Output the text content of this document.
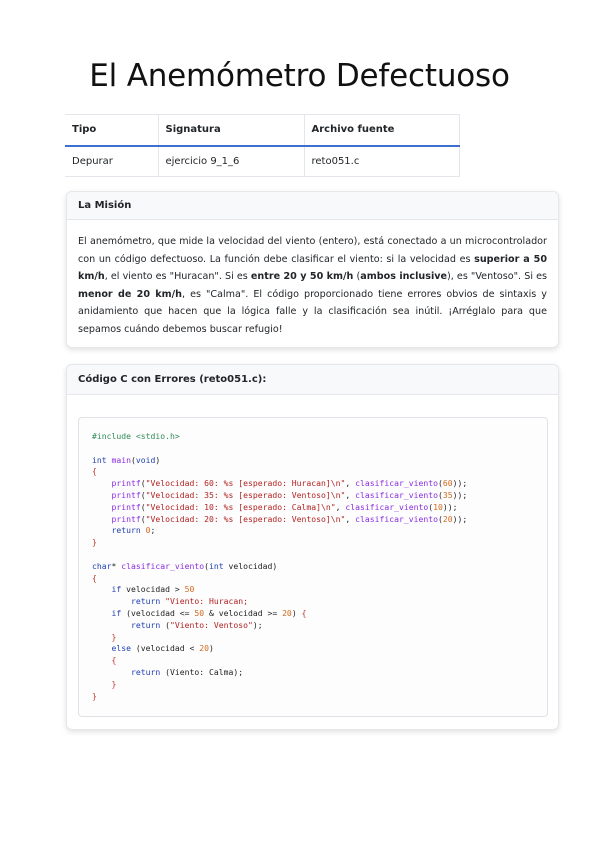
El Anemómetro Defectuoso
Tipo	Signatura	Archivo fuente
Depurar	ejercicio 9_1_6	reto051.c
La Misión

El anemómetro, que mide la velocidad del viento (entero), está conectado a un microcontrolador con un código defectuoso. La función debe clasificar el viento: si la velocidad es superior a 50 km/h, el viento es "Huracan". Si es entre 20 y 50 km/h (ambos inclusive), es "Ventoso". Si es menor de 20 km/h, es "Calma". El código proporcionado tiene errores obvios de sintaxis y anidamiento que hacen que la lógica falle y la clasificación sea inútil. ¡Arréglalo para que sepamos cuándo debemos buscar refugio!

Código C con Errores (reto051.c):
#include <stdio.h>

int main(void)
{
printf("Velocidad: 60: %s [esperado: Huracan]\n", clasificar_viento(60));
printf("Velocidad: 35: %s [esperado: Ventoso]\n", clasificar_viento(35));
printf("Velocidad: 10: %s [esperado: Calma]\n", clasificar_viento(10));
printf("Velocidad: 20: %s [esperado: Ventoso]\n", clasificar_viento(20));
return 0;
}

char* clasificar_viento(int velocidad)
{
if velocidad > 50
return "Viento: Huracan;
if (velocidad <= 50 & velocidad >= 20) {
return ("Viento: Ventoso");
}
else (velocidad < 20)
{
return (Viento: Calma);
}
}
